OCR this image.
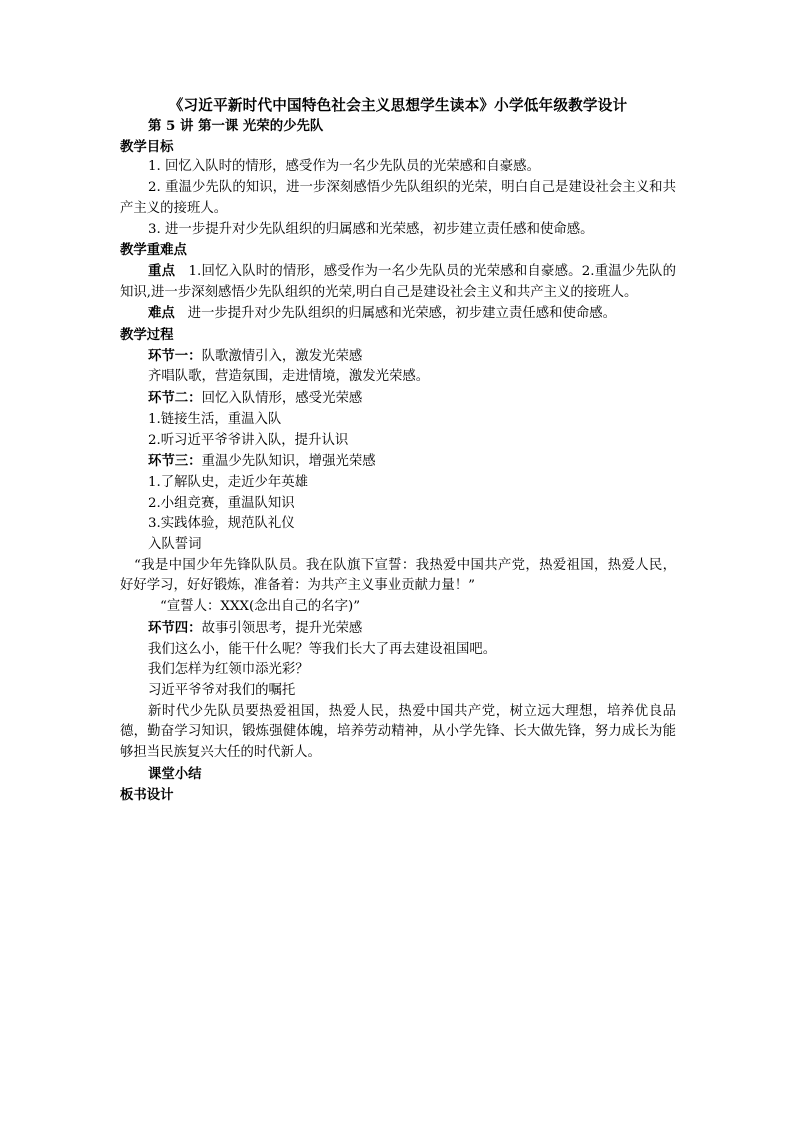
《习近平新时代中国特色社会主义思想学生读本》小学低年级教学设计
第 5 讲 第一课 光荣的少先队
教学目标
1. 回忆入队时的情形，感受作为一名少先队员的光荣感和自豪感。
2. 重温少先队的知识，进一步深刻感悟少先队组织的光荣，明白自己是建设社会主义和共产主义的接班人。
3. 进一步提升对少先队组织的归属感和光荣感，初步建立责任感和使命感。
教学重难点
重点 1.回忆入队时的情形，感受作为一名少先队员的光荣感和自豪感。2.重温少先队的知识,进一步深刻感悟少先队组织的光荣,明白自己是建设社会主义和共产主义的接班人。
难点 进一步提升对少先队组织的归属感和光荣感，初步建立责任感和使命感。
教学过程
环节一：队歌激情引入，激发光荣感
齐唱队歌，营造氛围，走进情境，激发光荣感。
环节二：回忆入队情形，感受光荣感
1.链接生活，重温入队
2.听习近平爷爷讲入队，提升认识
环节三：重温少先队知识，增强光荣感
1.了解队史，走近少年英雄
2.小组竞赛，重温队知识
3.实践体验，规范队礼仪
入队誓词
“我是中国少年先锋队队员。我在队旗下宣誓：我热爱中国共产党，热爱祖国，热爱人民，好好学习，好好锻炼，准备着：为共产主义事业贡献力量！”
“宣誓人：XXX(念出自己的名字)”
环节四：故事引领思考，提升光荣感
我们这么小，能干什么呢？等我们长大了再去建设祖国吧。
我们怎样为红领巾添光彩？
习近平爷爷对我们的嘱托
新时代少先队员要热爱祖国，热爱人民，热爱中国共产党，树立远大理想，培养优良品德，勤奋学习知识，锻炼强健体魄，培养劳动精神，从小学先锋、长大做先锋，努力成长为能够担当民族复兴大任的时代新人。
课堂小结
板书设计
